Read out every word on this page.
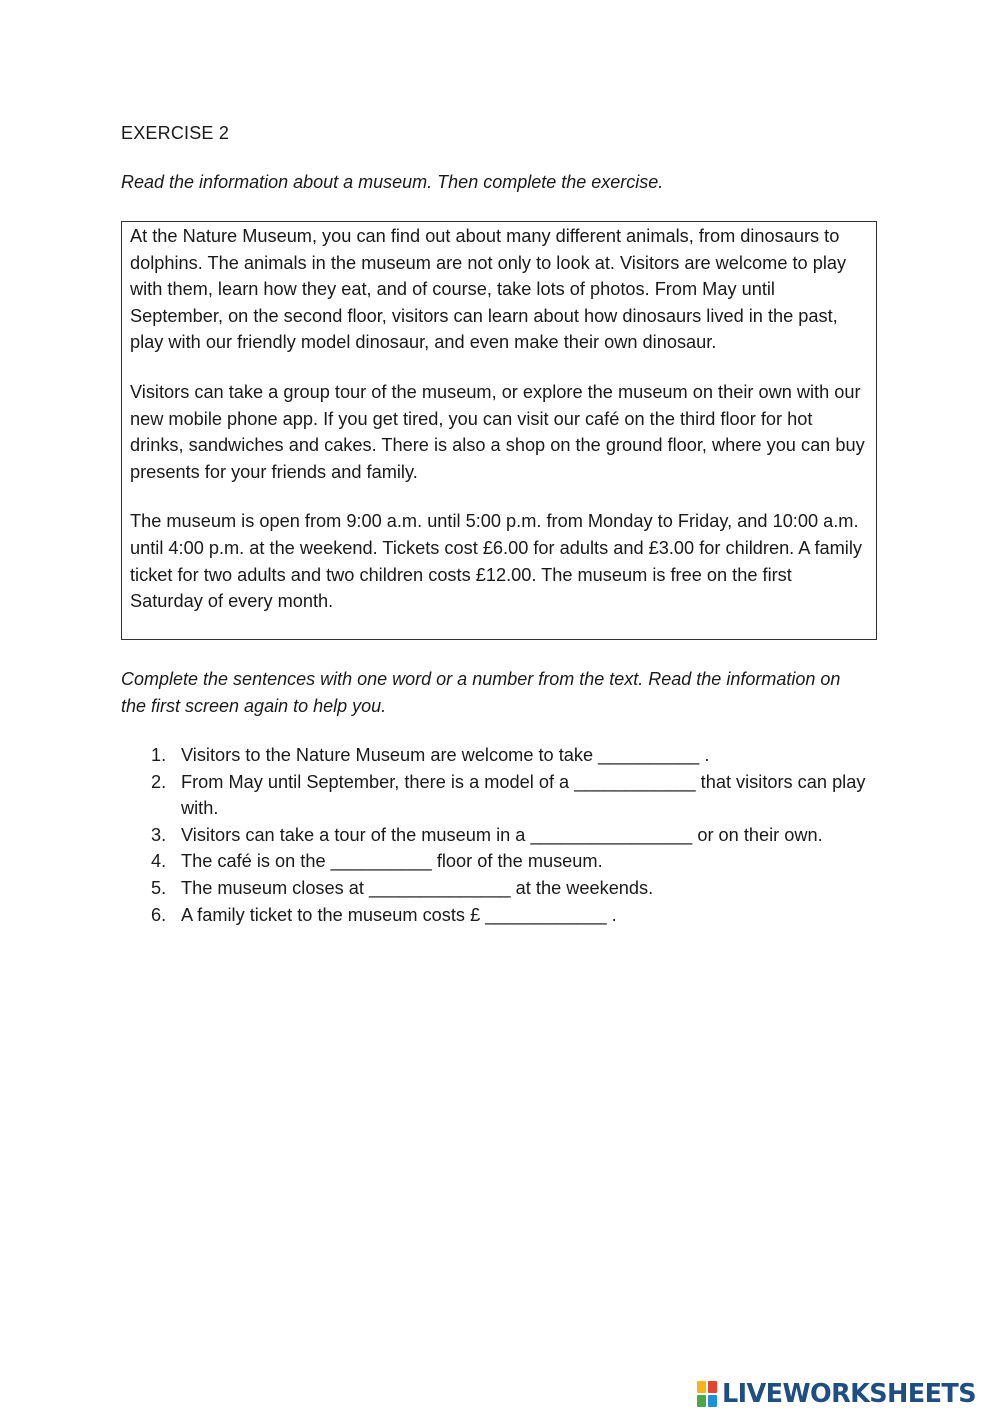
EXERCISE 2
Read the information about a museum. Then complete the exercise.

At the Nature Museum, you can find out about many different animals, from dinosaurs to dolphins. The animals in the museum are not only to look at. Visitors are welcome to play with them, learn how they eat, and of course, take lots of photos. From May until September, on the second floor, visitors can learn about how dinosaurs lived in the past, play with our friendly model dinosaur, and even make their own dinosaur.

Visitors can take a group tour of the museum, or explore the museum on their own with our new mobile phone app. If you get tired, you can visit our café on the third floor for hot drinks, sandwiches and cakes. There is also a shop on the ground floor, where you can buy presents for your friends and family.

The museum is open from 9:00 a.m. until 5:00 p.m. from Monday to Friday, and 10:00 a.m. until 4:00 p.m. at the weekend. Tickets cost £6.00 for adults and £3.00 for children. A family ticket for two adults and two children costs £12.00. The museum is free on the first Saturday of every month.

Complete the sentences with one word or a number from the text. Read the information on the first screen again to help you.
1. Visitors to the Nature Museum are welcome to take __________ .
2. From May until September, there is a model of a ____________ that visitors can play with.
3. Visitors can take a tour of the museum in a ________________ or on their own.
4. The café is on the __________ floor of the museum.
5. The museum closes at ______________ at the weekends.
6. A family ticket to the museum costs £ ____________ .
LIVEWORKSHEETS
